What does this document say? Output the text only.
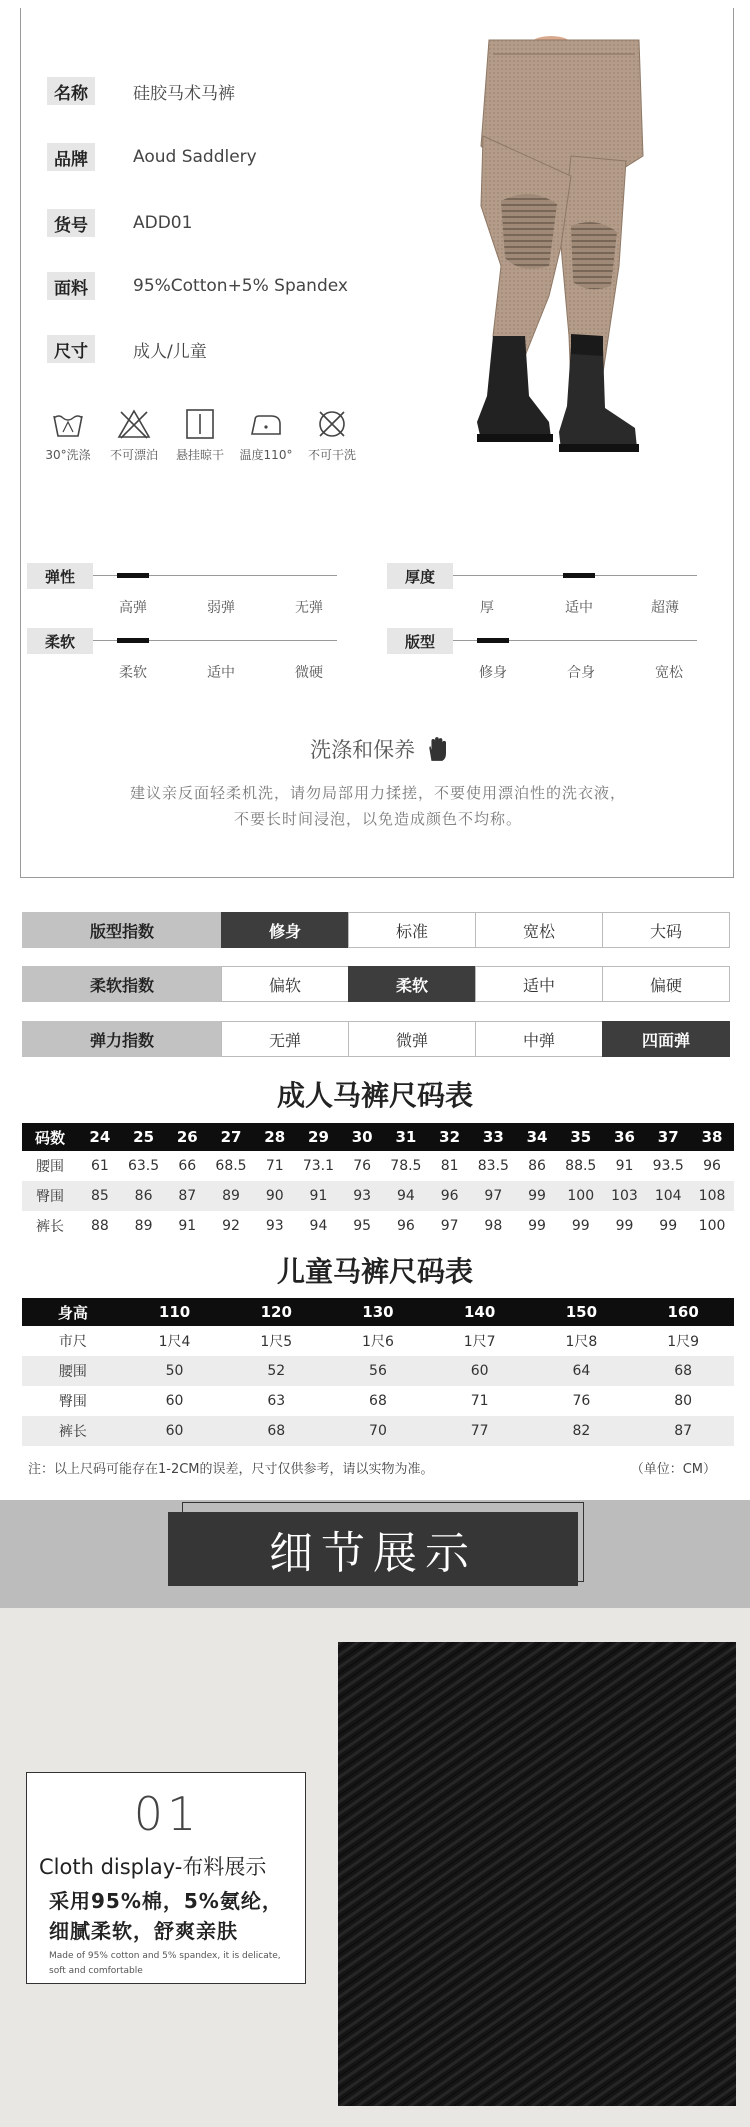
名称	硅胶马术马裤
品牌	Aoud Saddlery
货号	ADD01
面料	95%Cotton+5% Spandex
尺寸	成人/儿童
30°洗涤 不可漂泊 悬挂晾干 温度110° 不可干洗
弹性
高弹	弱弹	无弹
厚度
厚	适中	超薄
柔软
柔软	适中	微硬
版型
修身	合身	宽松
洗涤和保养
建议亲反面轻柔机洗，请勿局部用力揉搓，不要使用漂泊性的洗衣液，
不要长时间浸泡，以免造成颜色不均称。
版型指数	修身	标准	宽松	大码
柔软指数	偏软	柔软	适中	偏硬
弹力指数	无弹	微弹	中弹	四面弹
成人马裤尺码表
码数	24	25	26	27	28	29	30	31	32	33	34	35	36	37	38
腰围	61	63.5	66	68.5	71	73.1	76	78.5	81	83.5	86	88.5	91	93.5	96
臀围	85	86	87	89	90	91	93	94	96	97	99	100	103	104	108
裤长	88	89	91	92	93	94	95	96	97	98	99	99	99	99	100
儿童马裤尺码表
身高	110	120	130	140	150	160
市尺	1尺4	1尺5	1尺6	1尺7	1尺8	1尺9
腰围	50	52	56	60	64	68
臀围	60	63	68	71	76	80
裤长	60	68	70	77	82	87
注：以上尺码可能存在1-2CM的误差，尺寸仅供参考，请以实物为准。	（单位：CM）
细节展示
01
Cloth display-布料展示
采用95%棉，5%氨纶，
细腻柔软，舒爽亲肤
Made of 95% cotton and 5% spandex, it is delicate, soft and comfortable
